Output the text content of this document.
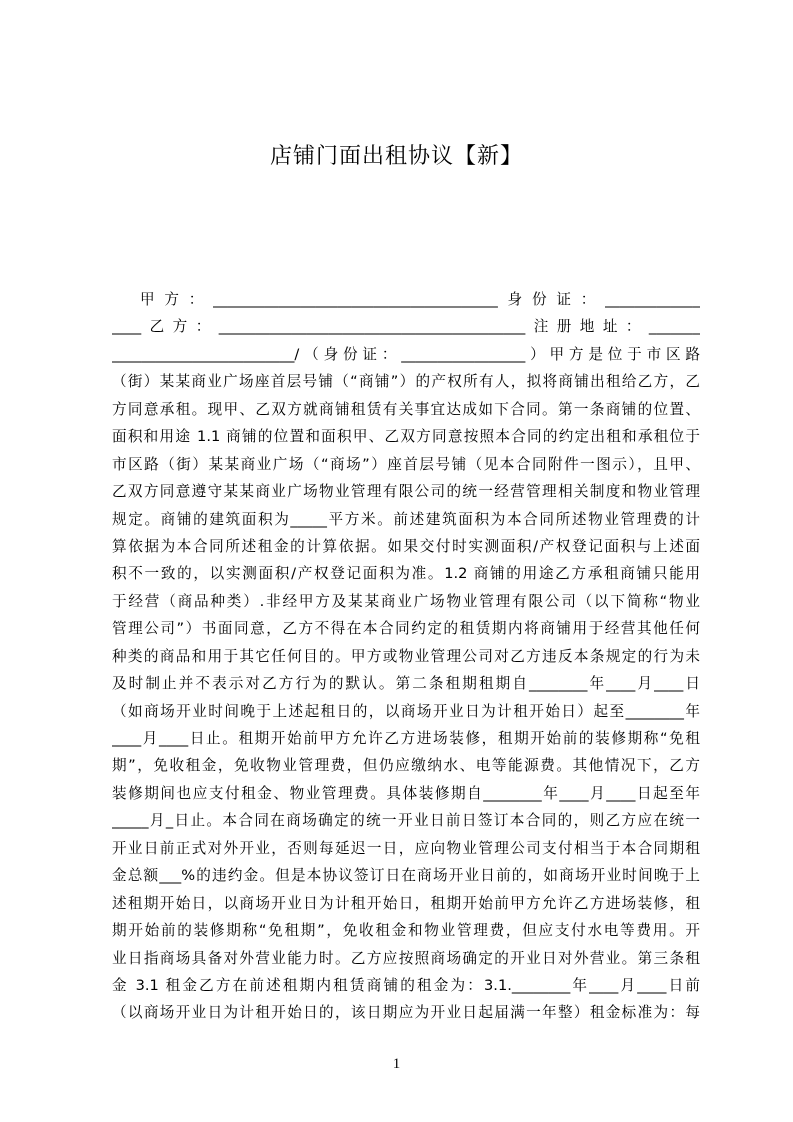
店铺门面出租协议【新】
甲方：_______________________________________身份证：_____________
____乙方：__________________________________________注册地址：_______
_________________________/（身份证：_________________）甲方是位于市区路
（街）某某商业广场座首层号铺（“商铺”）的产权所有人，拟将商铺出租给乙方，乙
方同意承租。现甲、乙双方就商铺租赁有关事宜达成如下合同。第一条商铺的位置、
面积和用途 1.1 商铺的位置和面积甲、乙双方同意按照本合同的约定出租和承租位于
市区路（街）某某商业广场（“商场”）座首层号铺（见本合同附件一图示），且甲、
乙双方同意遵守某某商业广场物业管理有限公司的统一经营管理相关制度和物业管理
规定。商铺的建筑面积为_____平方米。前述建筑面积为本合同所述物业管理费的计
算依据为本合同所述租金的计算依据。如果交付时实测面积/产权登记面积与上述面
积不一致的，以实测面积/产权登记面积为准。1.2 商铺的用途乙方承租商铺只能用
于经营（商品种类）.非经甲方及某某商业广场物业管理有限公司（以下简称“物业
管理公司”）书面同意，乙方不得在本合同约定的租赁期内将商铺用于经营其他任何
种类的商品和用于其它任何目的。甲方或物业管理公司对乙方违反本条规定的行为未
及时制止并不表示对乙方行为的默认。第二条租期租期自________年____月____日
（如商场开业时间晚于上述起租日的，以商场开业日为计租开始日）起至________年
____月____日止。租期开始前甲方允许乙方进场装修，租期开始前的装修期称“免租
期”，免收租金，免收物业管理费，但仍应缴纳水、电等能源费。其他情况下，乙方
装修期间也应支付租金、物业管理费。具体装修期自________年____月____日起至年
_____月_日止。本合同在商场确定的统一开业日前日签订本合同的，则乙方应在统一
开业日前正式对外开业，否则每延迟一日，应向物业管理公司支付相当于本合同期租
金总额___%的违约金。但是本协议签订日在商场开业日前的，如商场开业时间晚于上
述租期开始日，以商场开业日为计租开始日，租期开始前甲方允许乙方进场装修，租
期开始前的装修期称“免租期”，免收租金和物业管理费，但应支付水电等费用。开
业日指商场具备对外营业能力时。乙方应按照商场确定的开业日对外营业。第三条租
金 3.1 租金乙方在前述租期内租赁商铺的租金为：3.1.________年____月____日前
（以商场开业日为计租开始日的，该日期应为开业日起届满一年整）租金标准为：每
1
